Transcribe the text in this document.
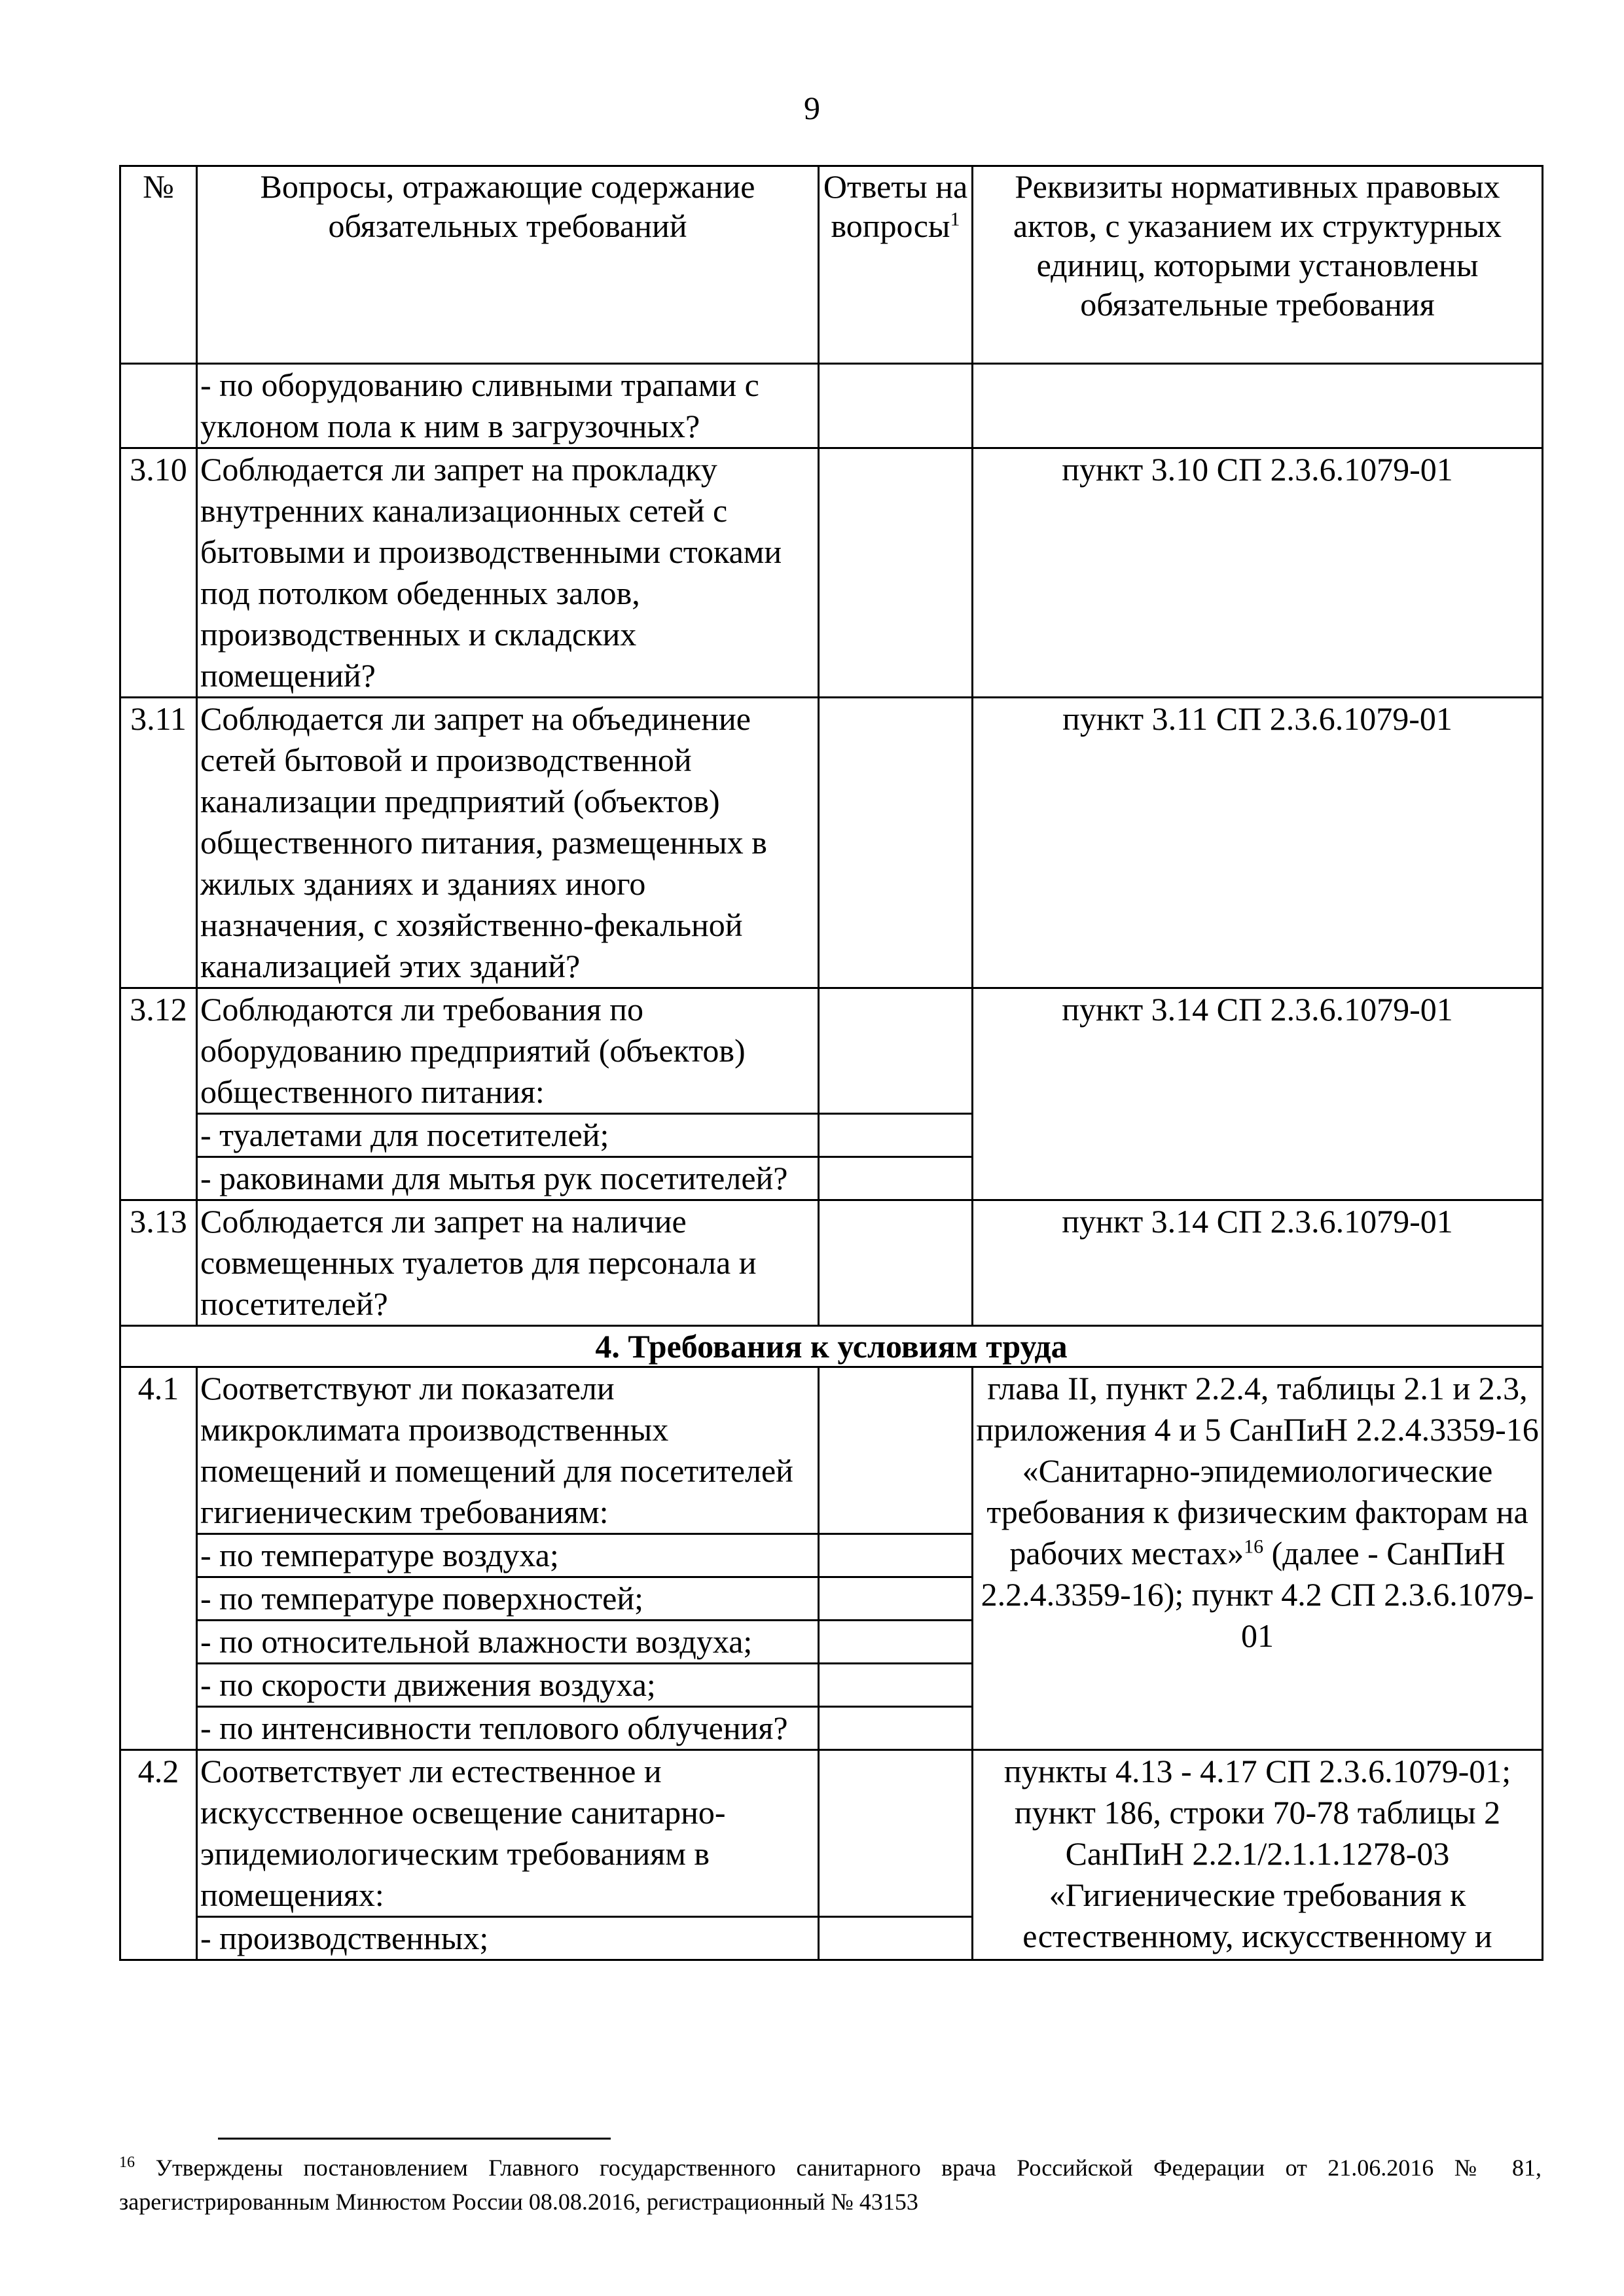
9
№	Вопросы, отражающие содержание обязательных требований	Ответы на вопросы$^1$	Реквизиты нормативных правовых актов, с указанием их структурных единиц, которыми установлены обязательные требования
	- по оборудованию сливными трапами с уклоном пола к ним в загрузочных?		
3.10	Соблюдается ли запрет на прокладку внутренних канализационных сетей с бытовыми и производственными стоками под потолком обеденных залов, производственных и складских помещений?		пункт 3.10 СП 2.3.6.1079-01
3.11	Соблюдается ли запрет на объединение сетей бытовой и производственной канализации предприятий (объектов) общественного питания, размещенных в жилых зданиях и зданиях иного назначения, с хозяйственно-фекальной канализацией этих зданий?		пункт 3.11 СП 2.3.6.1079-01
3.12	Соблюдаются ли требования по оборудованию предприятий (объектов) общественного питания:		пункт 3.14 СП 2.3.6.1079-01
	- туалетами для посетителей;		
	- раковинами для мытья рук посетителей?		
3.13	Соблюдается ли запрет на наличие совмещенных туалетов для персонала и посетителей?		пункт 3.14 СП 2.3.6.1079-01
4. Требования к условиям труда			
4.1	Соответствуют ли показатели микроклимата производственных помещений и помещений для посетителей гигиеническим требованиям:		глава II, пункт 2.2.4, таблицы 2.1 и 2.3, приложения 4 и 5 СанПиН 2.2.4.3359-16 «Санитарно-эпидемиологические требования к физическим факторам на рабочих местах»$^{16}$ (далее - СанПиН 2.2.4.3359-16); пункт 4.2 СП 2.3.6.1079-01
	- по температуре воздуха;		
	- по температуре поверхностей;		
	- по относительной влажности воздуха;		
	- по скорости движения воздуха;		
	- по интенсивности теплового облучения?		
4.2	Соответствует ли естественное и искусственное освещение санитарно-эпидемиологическим требованиям в помещениях:		пункты 4.13 - 4.17 СП 2.3.6.1079-01; пункт 186, строки 70-78 таблицы 2 СанПиН 2.2.1/2.1.1.1278-03 «Гигиенические требования к естественному, искусственному и
	- производственных;		
$^{16}$ Утверждены постановлением Главного государственного санитарного врача Российской Федерации от 21.06.2016 № 81, зарегистрированным Минюстом России 08.08.2016, регистрационный № 43153
